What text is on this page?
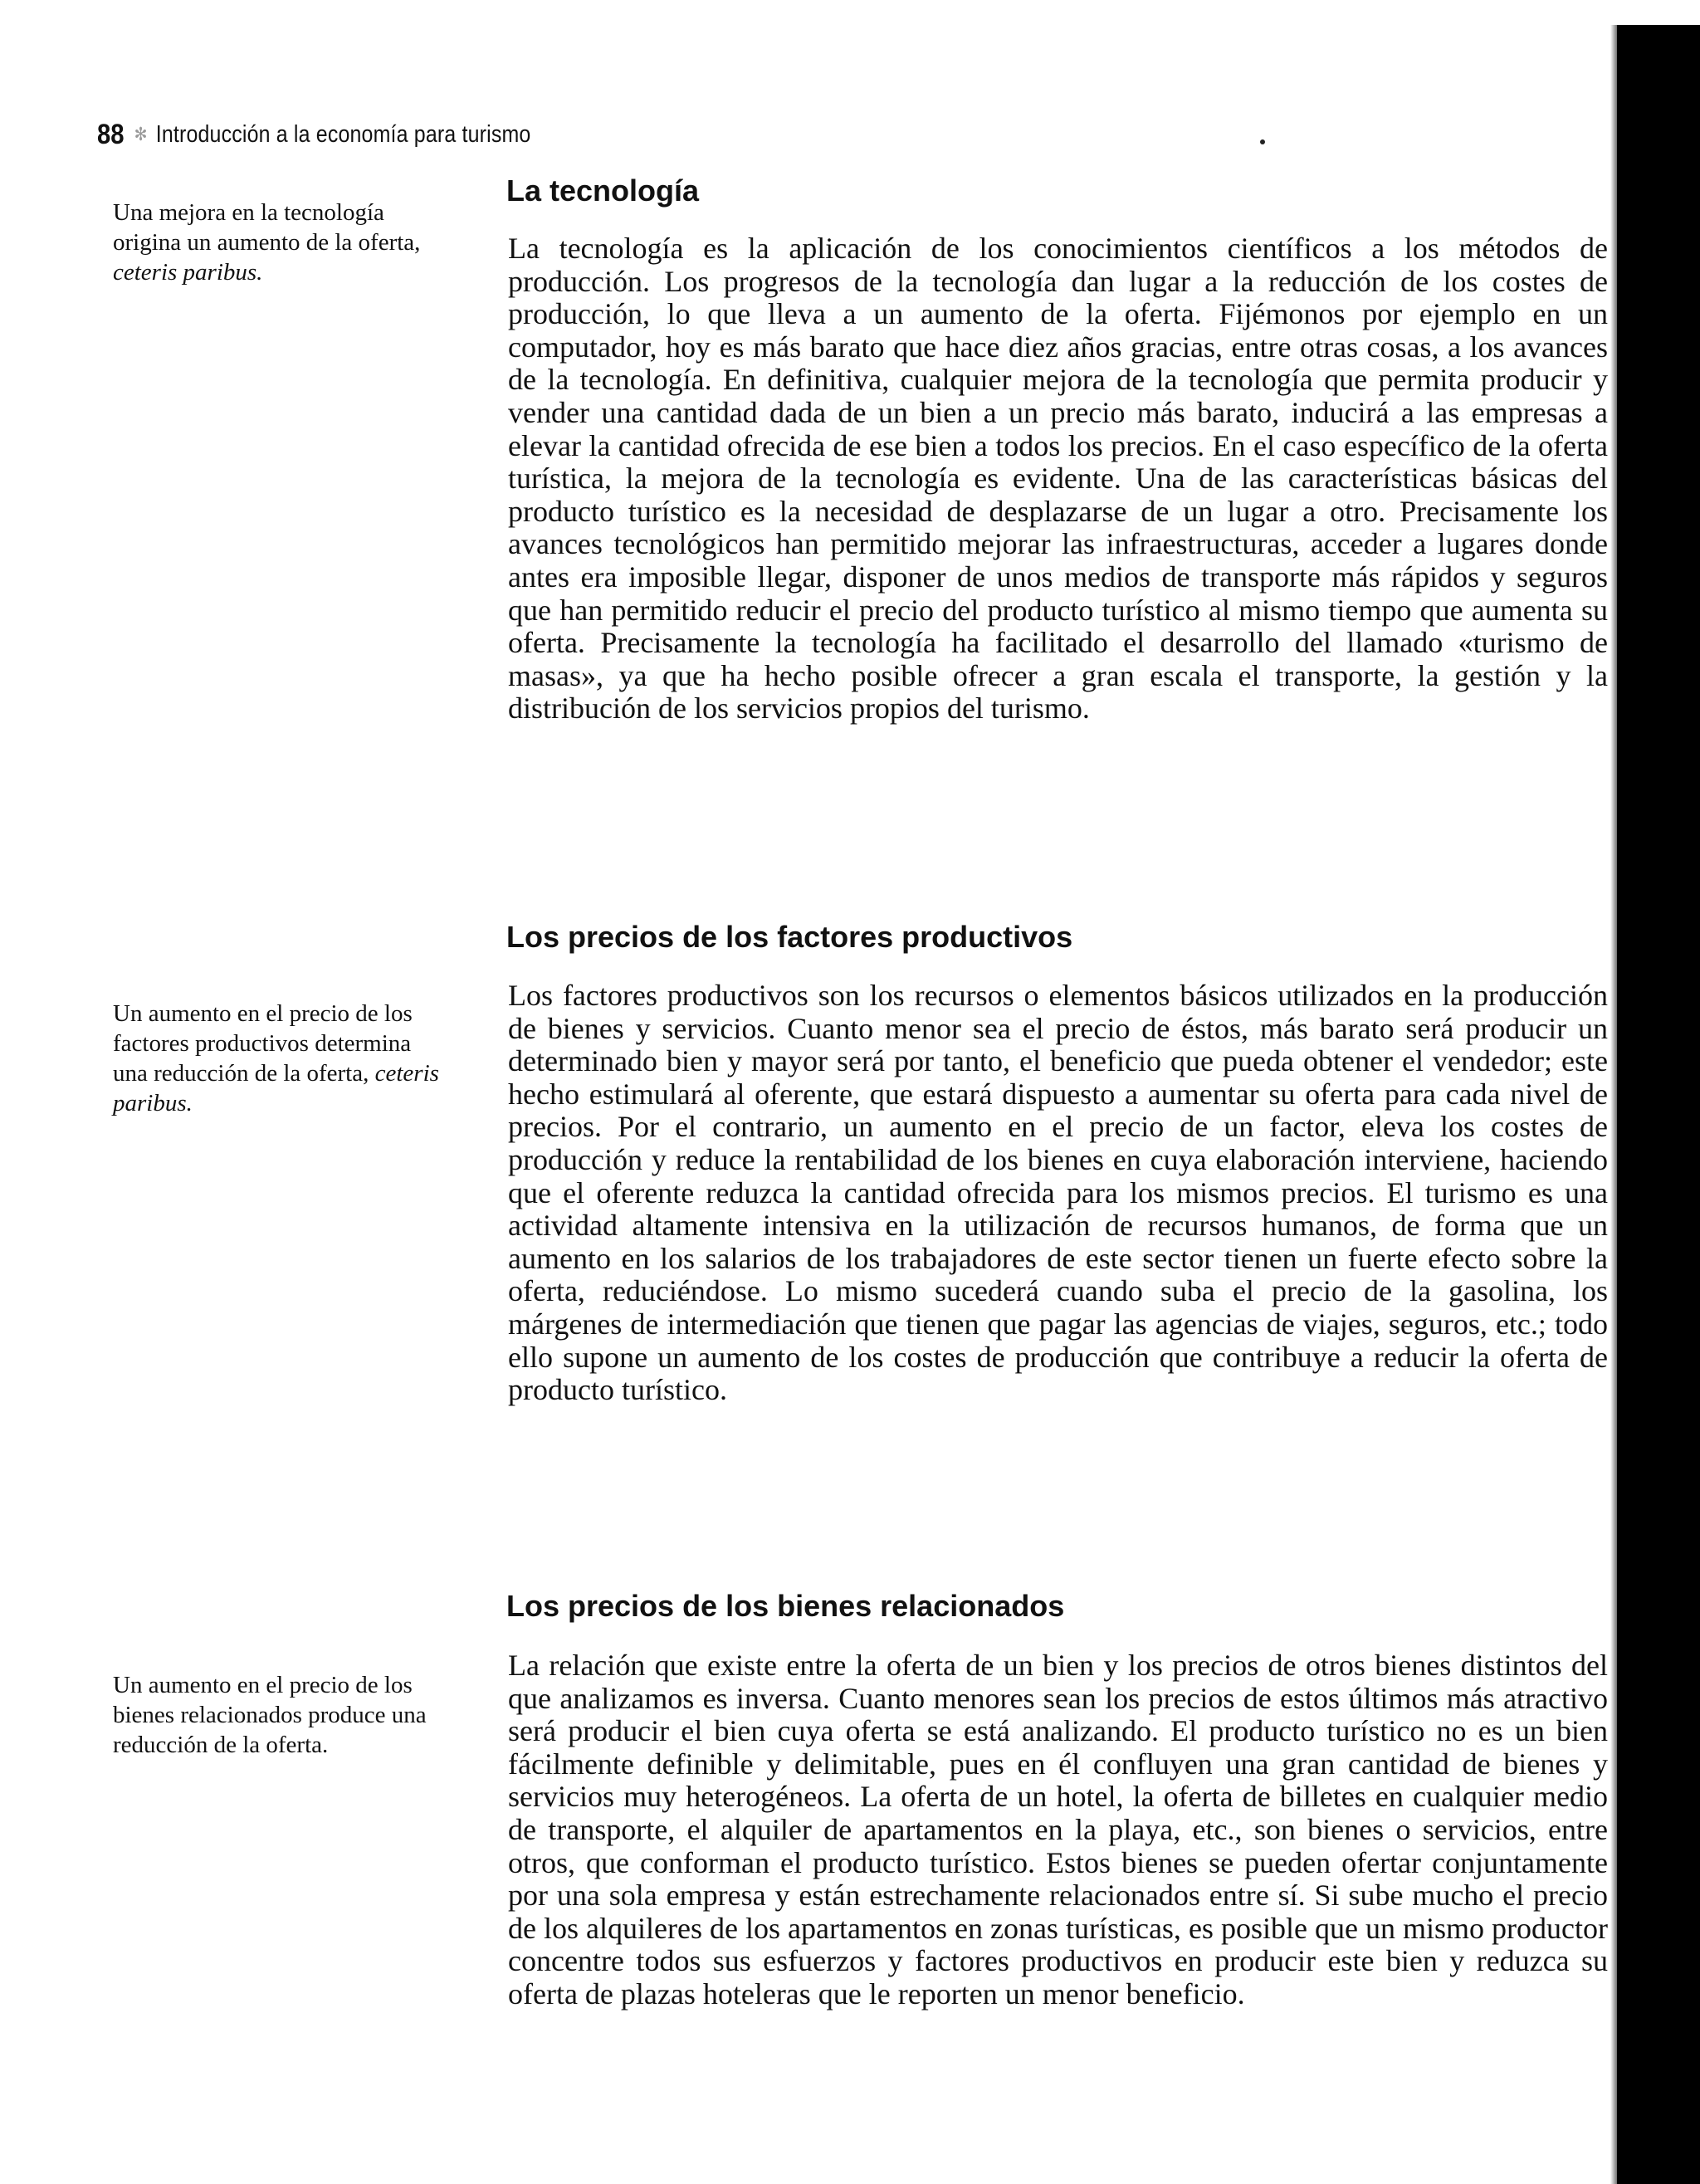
88 ✻ Introducción a la economía para turismo
Una mejora en la tecnología origina un aumento de la oferta, ceteris paribus.
La tecnología

La tecnología es la aplicación de los conocimientos científicos a los métodos de producción. Los progresos de la tecnología dan lugar a la reducción de los costes de producción, lo que lleva a un aumento de la oferta. Fijémonos por ejemplo en un computador, hoy es más barato que hace diez años gracias, entre otras cosas, a los avances de la tecnología. En definitiva, cualquier mejora de la tecnología que permita producir y vender una cantidad dada de un bien a un precio más barato, inducirá a las empresas a elevar la cantidad ofrecida de ese bien a todos los precios. En el caso específico de la oferta turística, la mejora de la tecnología es evidente. Una de las características básicas del producto turístico es la necesidad de desplazarse de un lugar a otro. Precisamente los avances tecnológicos han permitido mejorar las infraestructuras, acceder a lugares donde antes era imposible llegar, disponer de unos medios de transporte más rápidos y seguros que han permitido reducir el precio del producto turístico al mismo tiempo que aumenta su oferta. Precisamente la tecnología ha facilitado el desarrollo del llamado «turismo de masas», ya que ha hecho posible ofrecer a gran escala el transporte, la gestión y la distribución de los servicios propios del turismo.

Un aumento en el precio de los factores productivos determina una reducción de la oferta, ceteris paribus.
Los precios de los factores productivos

Los factores productivos son los recursos o elementos básicos utilizados en la producción de bienes y servicios. Cuanto menor sea el precio de éstos, más barato será producir un determinado bien y mayor será por tanto, el beneficio que pueda obtener el vendedor; este hecho estimulará al oferente, que estará dispuesto a aumentar su oferta para cada nivel de precios. Por el contrario, un aumento en el precio de un factor, eleva los costes de producción y reduce la rentabilidad de los bienes en cuya elaboración interviene, haciendo que el oferente reduzca la cantidad ofrecida para los mismos precios. El turismo es una actividad altamente intensiva en la utilización de recursos humanos, de forma que un aumento en los salarios de los trabajadores de este sector tienen un fuerte efecto sobre la oferta, reduciéndose. Lo mismo sucederá cuando suba el precio de la gasolina, los márgenes de intermediación que tienen que pagar las agencias de viajes, seguros, etc.; todo ello supone un aumento de los costes de producción que contribuye a reducir la oferta de producto turístico.

Un aumento en el precio de los bienes relacionados produce una reducción de la oferta.
Los precios de los bienes relacionados

La relación que existe entre la oferta de un bien y los precios de otros bienes distintos del que analizamos es inversa. Cuanto menores sean los precios de estos últimos más atractivo será producir el bien cuya oferta se está analizando. El producto turístico no es un bien fácilmente definible y delimitable, pues en él confluyen una gran cantidad de bienes y servicios muy heterogéneos. La oferta de un hotel, la oferta de billetes en cualquier medio de transporte, el alquiler de apartamentos en la playa, etc., son bienes o servicios, entre otros, que conforman el producto turístico. Estos bienes se pueden ofertar conjuntamente por una sola empresa y están estrechamente relacionados entre sí. Si sube mucho el precio de los alquileres de los apartamentos en zonas turísticas, es posible que un mismo productor concentre todos sus esfuerzos y factores productivos en producir este bien y reduzca su oferta de plazas hoteleras que le reporten un menor beneficio.
